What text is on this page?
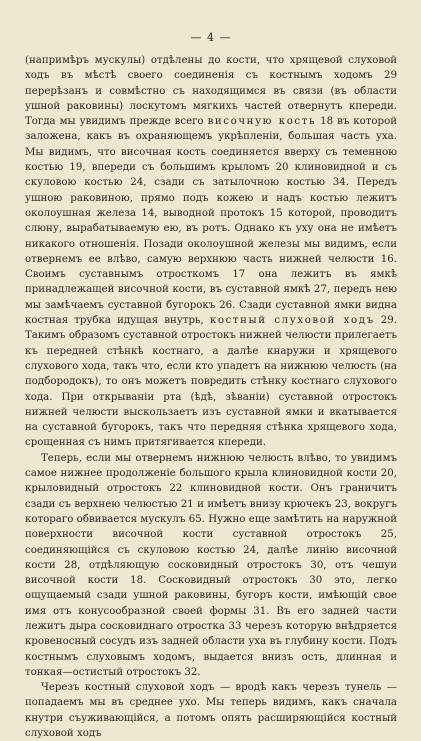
— 4 —

(напримѣръ мускулы) отдѣлены до кости, что хрящевой слуховой ходъ въ мѣстѣ своего соединенія съ костнымъ ходомъ 29 перерѣзанъ и совмѣстно съ находящимся въ связи (въ области ушной раковины) лоскутомъ мягкихъ частей отвернутъ кпереди. Тогда мы увидимъ прежде всего височную кость 18 въ которой заложена, какъ въ охраняющемъ укрѣпленіи, большая часть уха. Мы видимъ, что височная кость соединяется вверху съ теменною костью 19, впереди съ большимъ крыломъ 20 клиновидной и съ скуловою костью 24, сзади съ затылочною костью 34. Передъ ушною раковиною, прямо подъ кожею и надъ костью лежитъ околоушная железа 14, выводной протокъ 15 которой, проводитъ слюну, вырабатываемую ею, въ ротъ. Однако къ уху она не имѣетъ никакого отношенія. Позади околоушной железы мы видимъ, если отвернемъ ее влѣво, самую верхнюю часть нижней челюсти 16. Своимъ суставнымъ отросткомъ 17 она лежитъ въ ямкѣ принадлежащей височной кости, въ суставной ямкѣ 27, передъ нею мы замѣчаемъ суставной бугорокъ 26. Сзади суставной ямки видна костная трубка идущая внутрь, костный слуховой ходъ 29. Такимъ образомъ суставной отростокъ нижней челюсти прилегаетъ къ передней стѣнкѣ костнаго, а далѣе кнаружи и хрящевого слухового хода, такъ что, если кто упадетъ на нижнюю челюсть (на подбородокъ), то онъ можетъ повредить стѣнку костнаго слухового хода. При открываніи рта (ѣдѣ, зѣваніи) суставной отростокъ нижней челюсти выскользаетъ изъ суставной ямки и вкатывается на суставной бугорокъ, такъ что передняя стѣнка хрящевого хода, срощенная съ нимъ притягивается кпереди.

Теперь, если мы отвернемъ нижнюю челюсть влѣво, то увидимъ самое нижнее продолженіе большого крыла клиновидной кости 20, крыловидный отростокъ 22 клиновидной кости. Онъ граничитъ сзади съ верхнею челюстью 21 и имѣетъ внизу крючекъ 23, вокругъ котораго обвивается мускулъ 65. Нужно еще замѣтить на наружной поверхности височной кости суставной отростокъ 25, соединяющійся съ скуловою костью 24, далѣе линію височной кости 28, отдѣляющую сосковидный отростокъ 30, отъ чешуи височной кости 18. Сосковидный отростокъ 30 это, легко ощущаемый сзади ушной раковины, бугоръ кости, имѣющій свое имя отъ конусообразной своей формы 31. Въ его задней части лежитъ дыра сосковиднаго отростка 33 черезъ которую внѣдряется кровеносный сосудъ изъ задней области уха въ глубину кости. Подъ костнымъ слуховымъ ходомъ, выдается внизъ ость, длинная и тонкая—остистый отростокъ 32.

Черезъ костный слуховой ходъ — вродѣ какъ черезъ тунель — попадаемъ мы въ среднее ухо. Мы теперь видимъ, какъ сначала кнутри съуживающійся, а потомъ опять расширяющійся костный слуховой ходъ
